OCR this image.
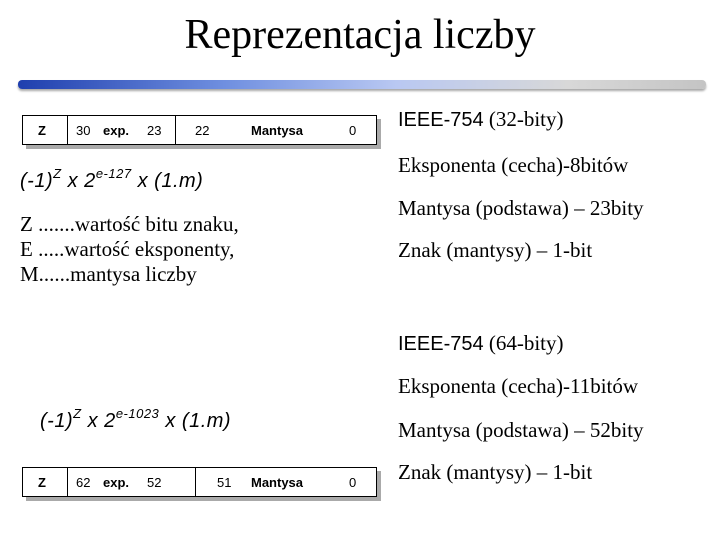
Reprezentacja liczby
Z 30 exp. 23	22	Mantysa	0
$(-1)^Z$ x 2$^{e-127}$ x (1.m)
Z .......wartość bitu znaku,
E .....wartość eksponenty,
M......mantysa liczby
IEEE-754 (32-bity)
Eksponenta (cecha)-8bitów
Mantysa (podstawa) – 23bity
Znak (mantysy) – 1-bit
IEEE-754 (64-bity)
Eksponenta (cecha)-11bitów
Mantysa (podstawa) – 52bity
Znak (mantysy) – 1-bit
$(-1)^Z$ x $2^{e-1023}$ x (1.m)
Z 62 exp. 52	51 Mantysa	0
